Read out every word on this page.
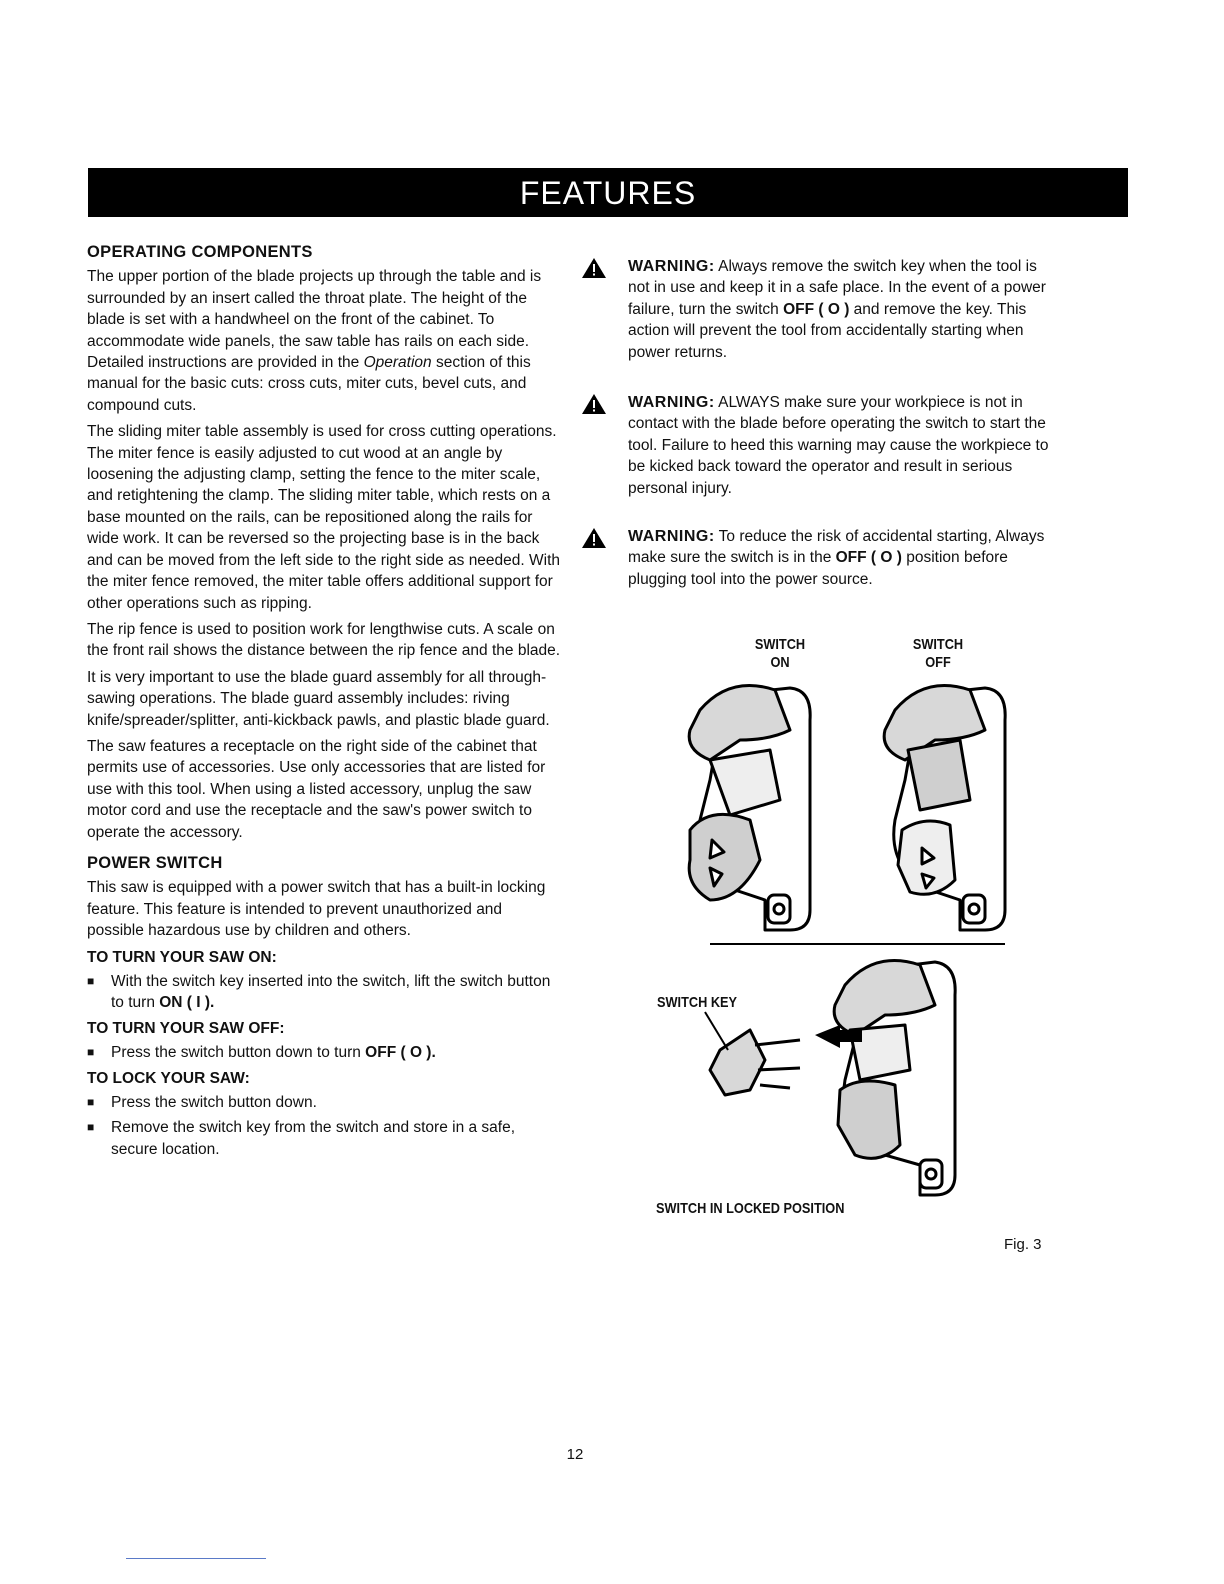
FEATURES
OPERATING COMPONENTS

The upper portion of the blade projects up through the table and is surrounded by an insert called the throat plate. The height of the blade is set with a handwheel on the front of the cabinet. To accommodate wide panels, the saw table has rails on each side. Detailed instructions are provided in the Operation section of this manual for the basic cuts: cross cuts, miter cuts, bevel cuts, and compound cuts.

The sliding miter table assembly is used for cross cutting operations. The miter fence is easily adjusted to cut wood at an angle by loosening the adjusting clamp, setting the fence to the miter scale, and retightening the clamp. The sliding miter table, which rests on a base mounted on the rails, can be repositioned along the rails for wide work. It can be reversed so the projecting base is in the back and can be moved from the left side to the right side as needed. With the miter fence removed, the miter table offers additional support for other operations such as ripping.

The rip fence is used to position work for lengthwise cuts. A scale on the front rail shows the distance between the rip fence and the blade.

It is very important to use the blade guard assembly for all through-sawing operations. The blade guard assembly includes: riving knife/spreader/splitter, anti-kickback pawls, and plastic blade guard.

The saw features a receptacle on the right side of the cabinet that permits use of accessories. Use only accessories that are listed for use with this tool. When using a listed accessory, unplug the saw motor cord and use the receptacle and the saw's power switch to operate the accessory.

POWER SWITCH

This saw is equipped with a power switch that has a built-in locking feature. This feature is intended to prevent unauthorized and possible hazardous use by children and others.

TO TURN YOUR SAW ON:
■ With the switch key inserted into the switch, lift the switch button to turn ON ( I ).
TO TURN YOUR SAW OFF:
■ Press the switch button down to turn OFF ( O ).
TO LOCK YOUR SAW:
■ Press the switch button down.
■ Remove the switch key from the switch and store in a safe, secure location.
WARNING: Always remove the switch key when the tool is not in use and keep it in a safe place. In the event of a power failure, turn the switch OFF ( O ) and remove the key. This action will prevent the tool from accidentally starting when power returns.
WARNING: ALWAYS make sure your workpiece is not in contact with the blade before operating the switch to start the tool. Failure to heed this warning may cause the workpiece to be kicked back toward the operator and result in serious personal injury.
WARNING: To reduce the risk of accidental starting, Always make sure the switch is in the OFF ( O ) position before plugging tool into the power source.
SWITCH
ON
SWITCH
OFF
SWITCH KEY
SWITCH IN LOCKED POSITION
Fig. 3
12
